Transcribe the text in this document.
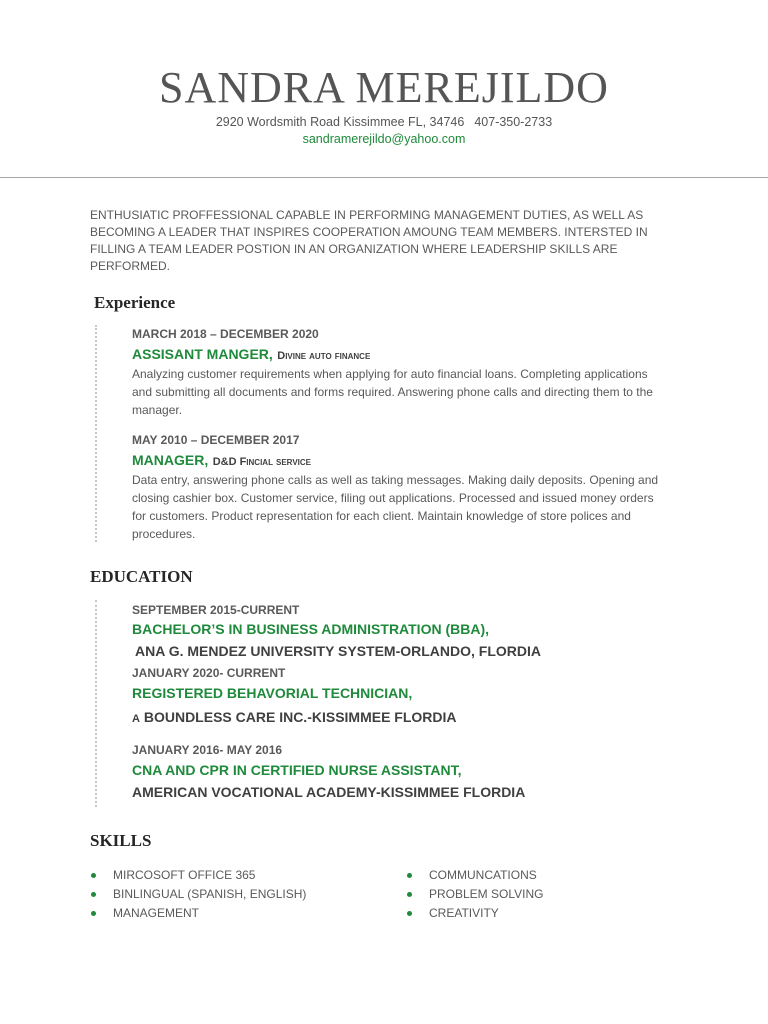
SANDRA MEREJILDO
2920 Wordsmith Road Kissimmee FL, 34746 407-350-2733
sandramerejildo@yahoo.com
ENTHUSIATIC PROFFESSIONAL CAPABLE IN PERFORMING MANAGEMENT DUTIES, AS WELL AS BECOMING A LEADER THAT INSPIRES COOPERATION AMOUNG TEAM MEMBERS. INTERSTED IN FILLING A TEAM LEADER POSTION IN AN ORGANIZATION WHERE LEADERSHIP SKILLS ARE PERFORMED.
Experience
MARCH 2018 – DECEMBER 2020
ASSISANT MANGER, Divine auto finance
Analyzing customer requirements when applying for auto financial loans. Completing applications and submitting all documents and forms required. Answering phone calls and directing them to the manager.
MAY 2010 – DECEMBER 2017
MANAGER, D&D Fincial service
Data entry, answering phone calls as well as taking messages. Making daily deposits. Opening and closing cashier box. Customer service, filing out applications. Processed and issued money orders for customers. Product representation for each client. Maintain knowledge of store polices and procedures.
EDUCATION
SEPTEMBER 2015-CURRENT
BACHELOR’S IN BUSINESS ADMINISTRATION (BBA),
ANA G. MENDEZ UNIVERSITY SYSTEM-ORLANDO, FLORDIA
JANUARY 2020- CURRENT
REGISTERED BEHAVORIAL TECHNICIAN,
A BOUNDLESS CARE INC.-KISSIMMEE FLORDIA
JANUARY 2016- MAY 2016
CNA AND CPR IN CERTIFIED NURSE ASSISTANT,
AMERICAN VOCATIONAL ACADEMY-KISSIMMEE FLORDIA
SKILLS
MIRCOSOFT OFFICE 365
BINLINGUAL (SPANISH, ENGLISH)
MANAGEMENT
COMMUNCATIONS
PROBLEM SOLVING
CREATIVITY
